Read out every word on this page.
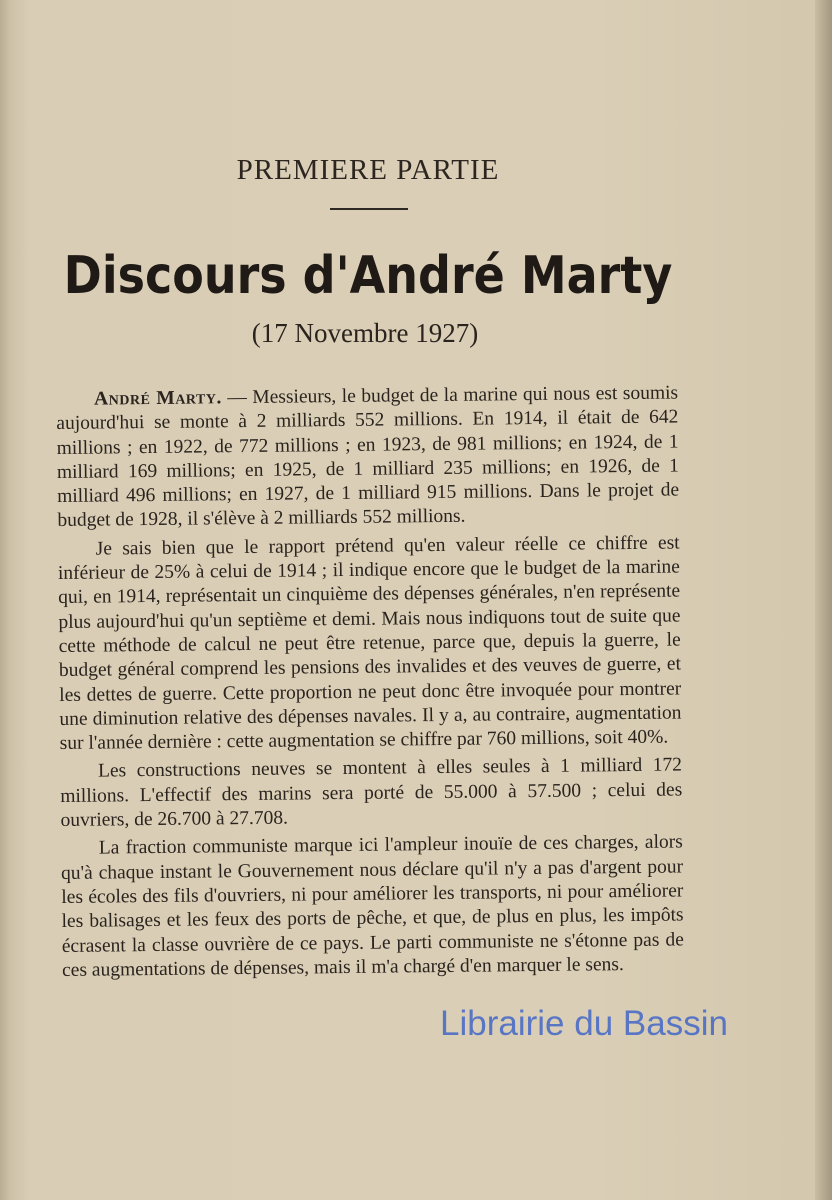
PREMIERE PARTIE
Discours d'André Marty
(17 Novembre 1927)

André Marty. — Messieurs, le budget de la marine qui nous est soumis aujourd'hui se monte à 2 milliards 552 millions. En 1914, il était de 642 millions ; en 1922, de 772 millions ; en 1923, de 981 millions; en 1924, de 1 milliard 169 millions; en 1925, de 1 milliard 235 millions; en 1926, de 1 milliard 496 millions; en 1927, de 1 milliard 915 millions. Dans le projet de budget de 1928, il s'élève à 2 milliards 552 millions.

Je sais bien que le rapport prétend qu'en valeur réelle ce chiffre est inférieur de 25% à celui de 1914 ; il indique encore que le budget de la marine qui, en 1914, représentait un cinquième des dépenses générales, n'en représente plus aujourd'hui qu'un septième et demi. Mais nous indiquons tout de suite que cette méthode de calcul ne peut être retenue, parce que, depuis la guerre, le budget général comprend les pensions des invalides et des veuves de guerre, et les dettes de guerre. Cette proportion ne peut donc être invoquée pour montrer une diminution relative des dépenses navales. Il y a, au contraire, augmentation sur l'année dernière : cette augmentation se chiffre par 760 millions, soit 40%.

Les constructions neuves se montent à elles seules à 1 milliard 172 millions. L'effectif des marins sera porté de 55.000 à 57.500 ; celui des ouvriers, de 26.700 à 27.708.

La fraction communiste marque ici l'ampleur inouïe de ces charges, alors qu'à chaque instant le Gouvernement nous déclare qu'il n'y a pas d'argent pour les écoles des fils d'ouvriers, ni pour améliorer les transports, ni pour améliorer les balisages et les feux des ports de pêche, et que, de plus en plus, les impôts écrasent la classe ouvrière de ce pays. Le parti communiste ne s'étonne pas de ces augmentations de dépenses, mais il m'a chargé d'en marquer le sens.

Librairie du Bassin
